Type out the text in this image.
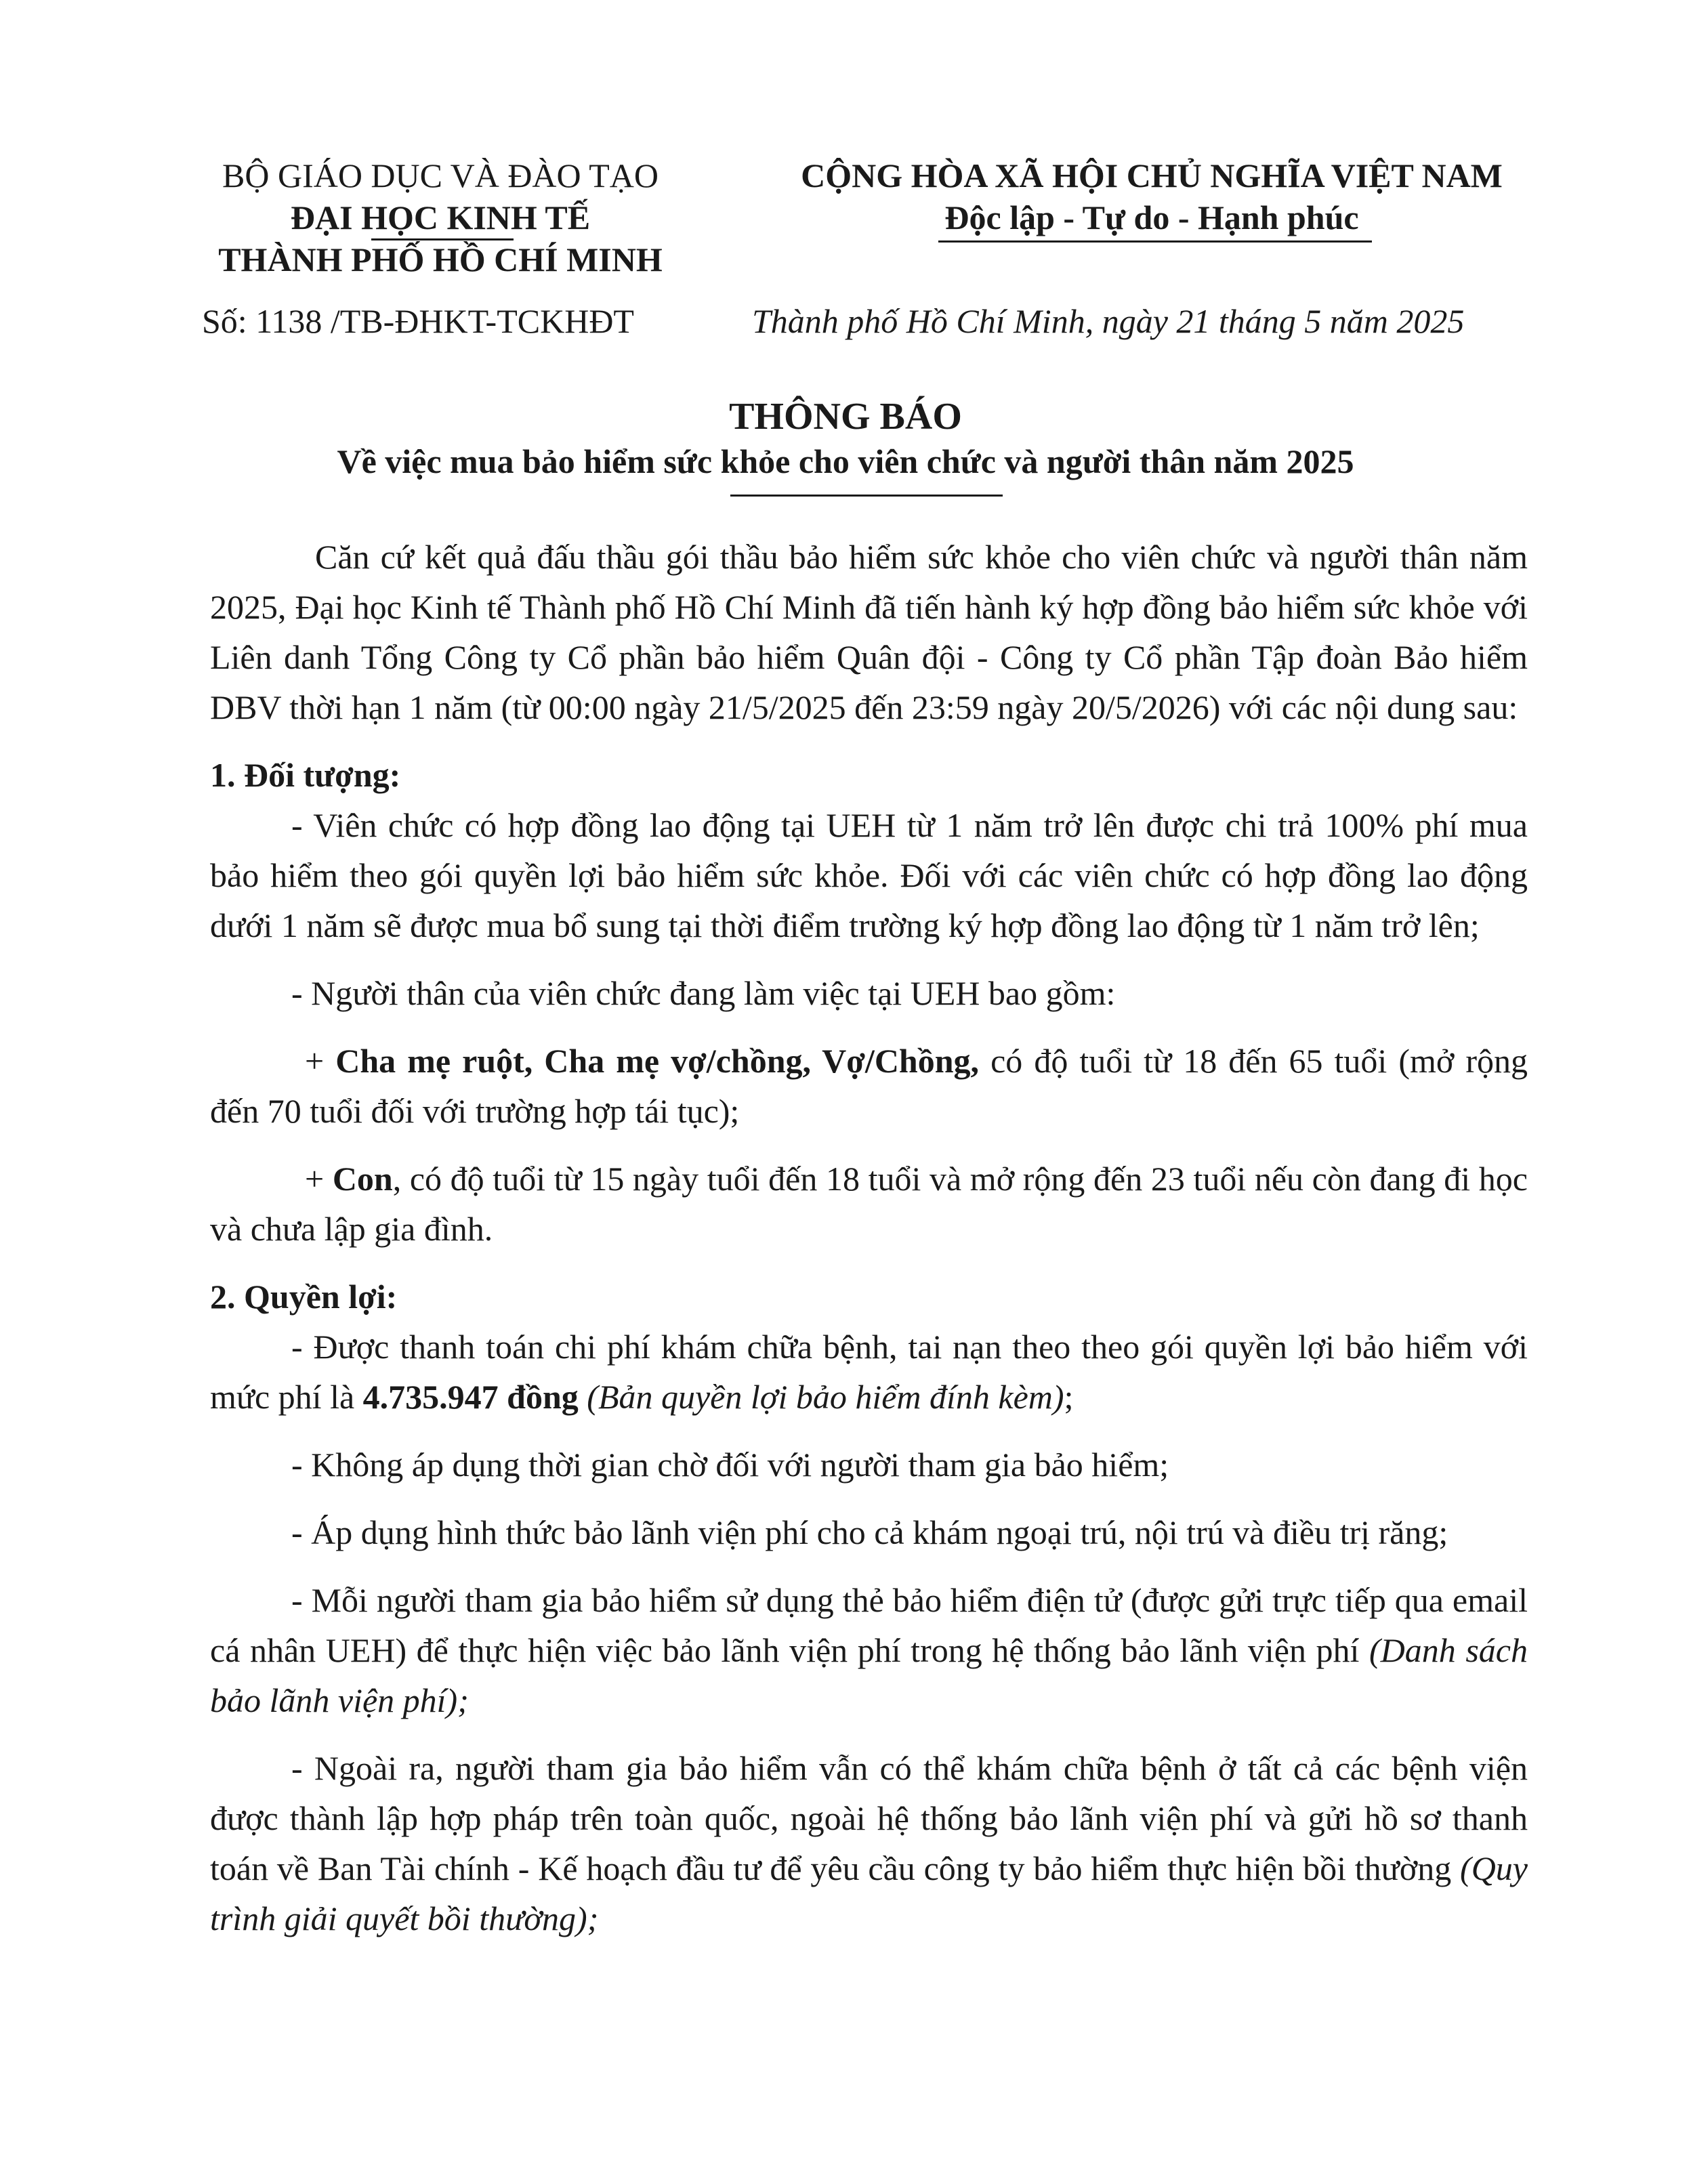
BỘ GIÁO DỤC VÀ ĐÀO TẠO
ĐẠI HỌC KINH TẾ
THÀNH PHỐ HỒ CHÍ MINH
CỘNG HÒA XÃ HỘI CHỦ NGHĨA VIỆT NAM
Độc lập - Tự do - Hạnh phúc
Số: 1138 /TB-ĐHKT-TCKHĐT	Thành phố Hồ Chí Minh, ngày 21 tháng 5 năm 2025
THÔNG BÁO
Về việc mua bảo hiểm sức khỏe cho viên chức và người thân năm 2025

Căn cứ kết quả đấu thầu gói thầu bảo hiểm sức khỏe cho viên chức và người thân năm 2025, Đại học Kinh tế Thành phố Hồ Chí Minh đã tiến hành ký hợp đồng bảo hiểm sức khỏe với Liên danh Tổng Công ty Cổ phần bảo hiểm Quân đội - Công ty Cổ phần Tập đoàn Bảo hiểm DBV thời hạn 1 năm (từ 00:00 ngày 21/5/2025 đến 23:59 ngày 20/5/2026) với các nội dung sau:

1. Đối tượng:

- Viên chức có hợp đồng lao động tại UEH từ 1 năm trở lên được chi trả 100% phí mua bảo hiểm theo gói quyền lợi bảo hiểm sức khỏe. Đối với các viên chức có hợp đồng lao động dưới 1 năm sẽ được mua bổ sung tại thời điểm trường ký hợp đồng lao động từ 1 năm trở lên;

- Người thân của viên chức đang làm việc tại UEH bao gồm:

+ Cha mẹ ruột, Cha mẹ vợ/chồng, Vợ/Chồng, có độ tuổi từ 18 đến 65 tuổi (mở rộng đến 70 tuổi đối với trường hợp tái tục);

+ Con, có độ tuổi từ 15 ngày tuổi đến 18 tuổi và mở rộng đến 23 tuổi nếu còn đang đi học và chưa lập gia đình.

2. Quyền lợi:

- Được thanh toán chi phí khám chữa bệnh, tai nạn theo theo gói quyền lợi bảo hiểm với mức phí là 4.735.947 đồng (Bản quyền lợi bảo hiểm đính kèm);

- Không áp dụng thời gian chờ đối với người tham gia bảo hiểm;

- Áp dụng hình thức bảo lãnh viện phí cho cả khám ngoại trú, nội trú và điều trị răng;

- Mỗi người tham gia bảo hiểm sử dụng thẻ bảo hiểm điện tử (được gửi trực tiếp qua email cá nhân UEH) để thực hiện việc bảo lãnh viện phí trong hệ thống bảo lãnh viện phí (Danh sách bảo lãnh viện phí);

- Ngoài ra, người tham gia bảo hiểm vẫn có thể khám chữa bệnh ở tất cả các bệnh viện được thành lập hợp pháp trên toàn quốc, ngoài hệ thống bảo lãnh viện phí và gửi hồ sơ thanh toán về Ban Tài chính - Kế hoạch đầu tư để yêu cầu công ty bảo hiểm thực hiện bồi thường (Quy trình giải quyết bồi thường);
